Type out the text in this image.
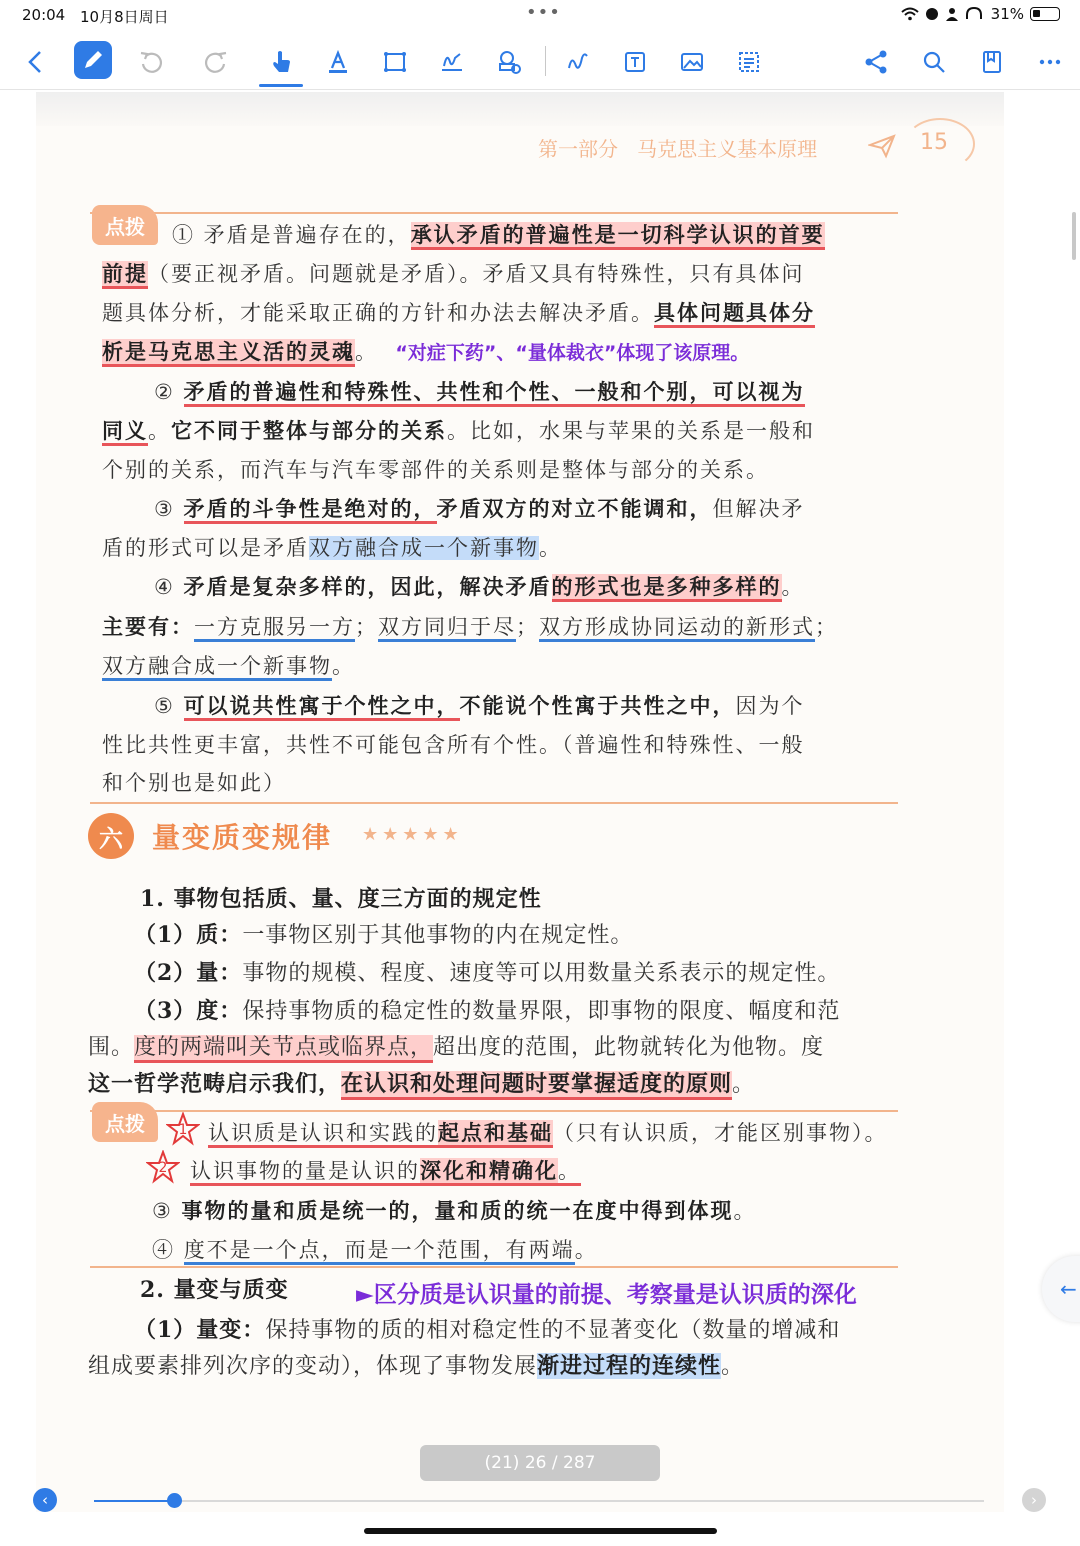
20:04 10月8日周日	•••	31%
第一部分 马克思主义基本原理	15
点拨	① 矛盾是普遍存在的，承认矛盾的普遍性是一切科学认识的首要
前提（要正视矛盾。问题就是矛盾）。矛盾又具有特殊性，只有具体问
题具体分析，才能采取正确的方针和办法去解决矛盾。具体问题具体分
析是马克思主义活的灵魂。 “对症下药”、“量体裁衣”体现了该原理。
② 矛盾的普遍性和特殊性、共性和个性、一般和个别，可以视为
同义。它不同于整体与部分的关系。比如，水果与苹果的关系是一般和
个别的关系，而汽车与汽车零部件的关系则是整体与部分的关系。
③ 矛盾的斗争性是绝对的，矛盾双方的对立不能调和，但解决矛
盾的形式可以是矛盾双方融合成一个新事物。
④ 矛盾是复杂多样的，因此，解决矛盾的形式也是多种多样的。
主要有：一方克服另一方；双方同归于尽；双方形成协同运动的新形式；
双方融合成一个新事物。
⑤ 可以说共性寓于个性之中，不能说个性寓于共性之中，因为个
性比共性更丰富，共性不可能包含所有个性。（普遍性和特殊性、一般
和个别也是如此）
六	量变质变规律 ★★★★★
1. 事物包括质、量、度三方面的规定性
（1）质：一事物区别于其他事物的内在规定性。
（2）量：事物的规模、程度、速度等可以用数量关系表示的规定性。
（3）度：保持事物质的稳定性的数量界限，即事物的限度、幅度和范
围。度的两端叫关节点或临界点，超出度的范围，此物就转化为他物。度
这一哲学范畴启示我们，在认识和处理问题时要掌握适度的原则。
点拨	1 认识质是认识和实践的起点和基础（只有认识质，才能区别事物）。
2 认识事物的量是认识的深化和精确化。
③ 事物的量和质是统一的，量和质的统一在度中得到体现。
④ 度不是一个点，而是一个范围，有两端。
2. 量变与质变	►区分质是认识量的前提、考察量是认识质的深化
（1）量变：保持事物的质的相对稳定性的不显著变化（数量的增减和
组成要素排列次序的变动），体现了事物发展渐进过程的连续性。
(21) 26 / 287
‹	›
←
